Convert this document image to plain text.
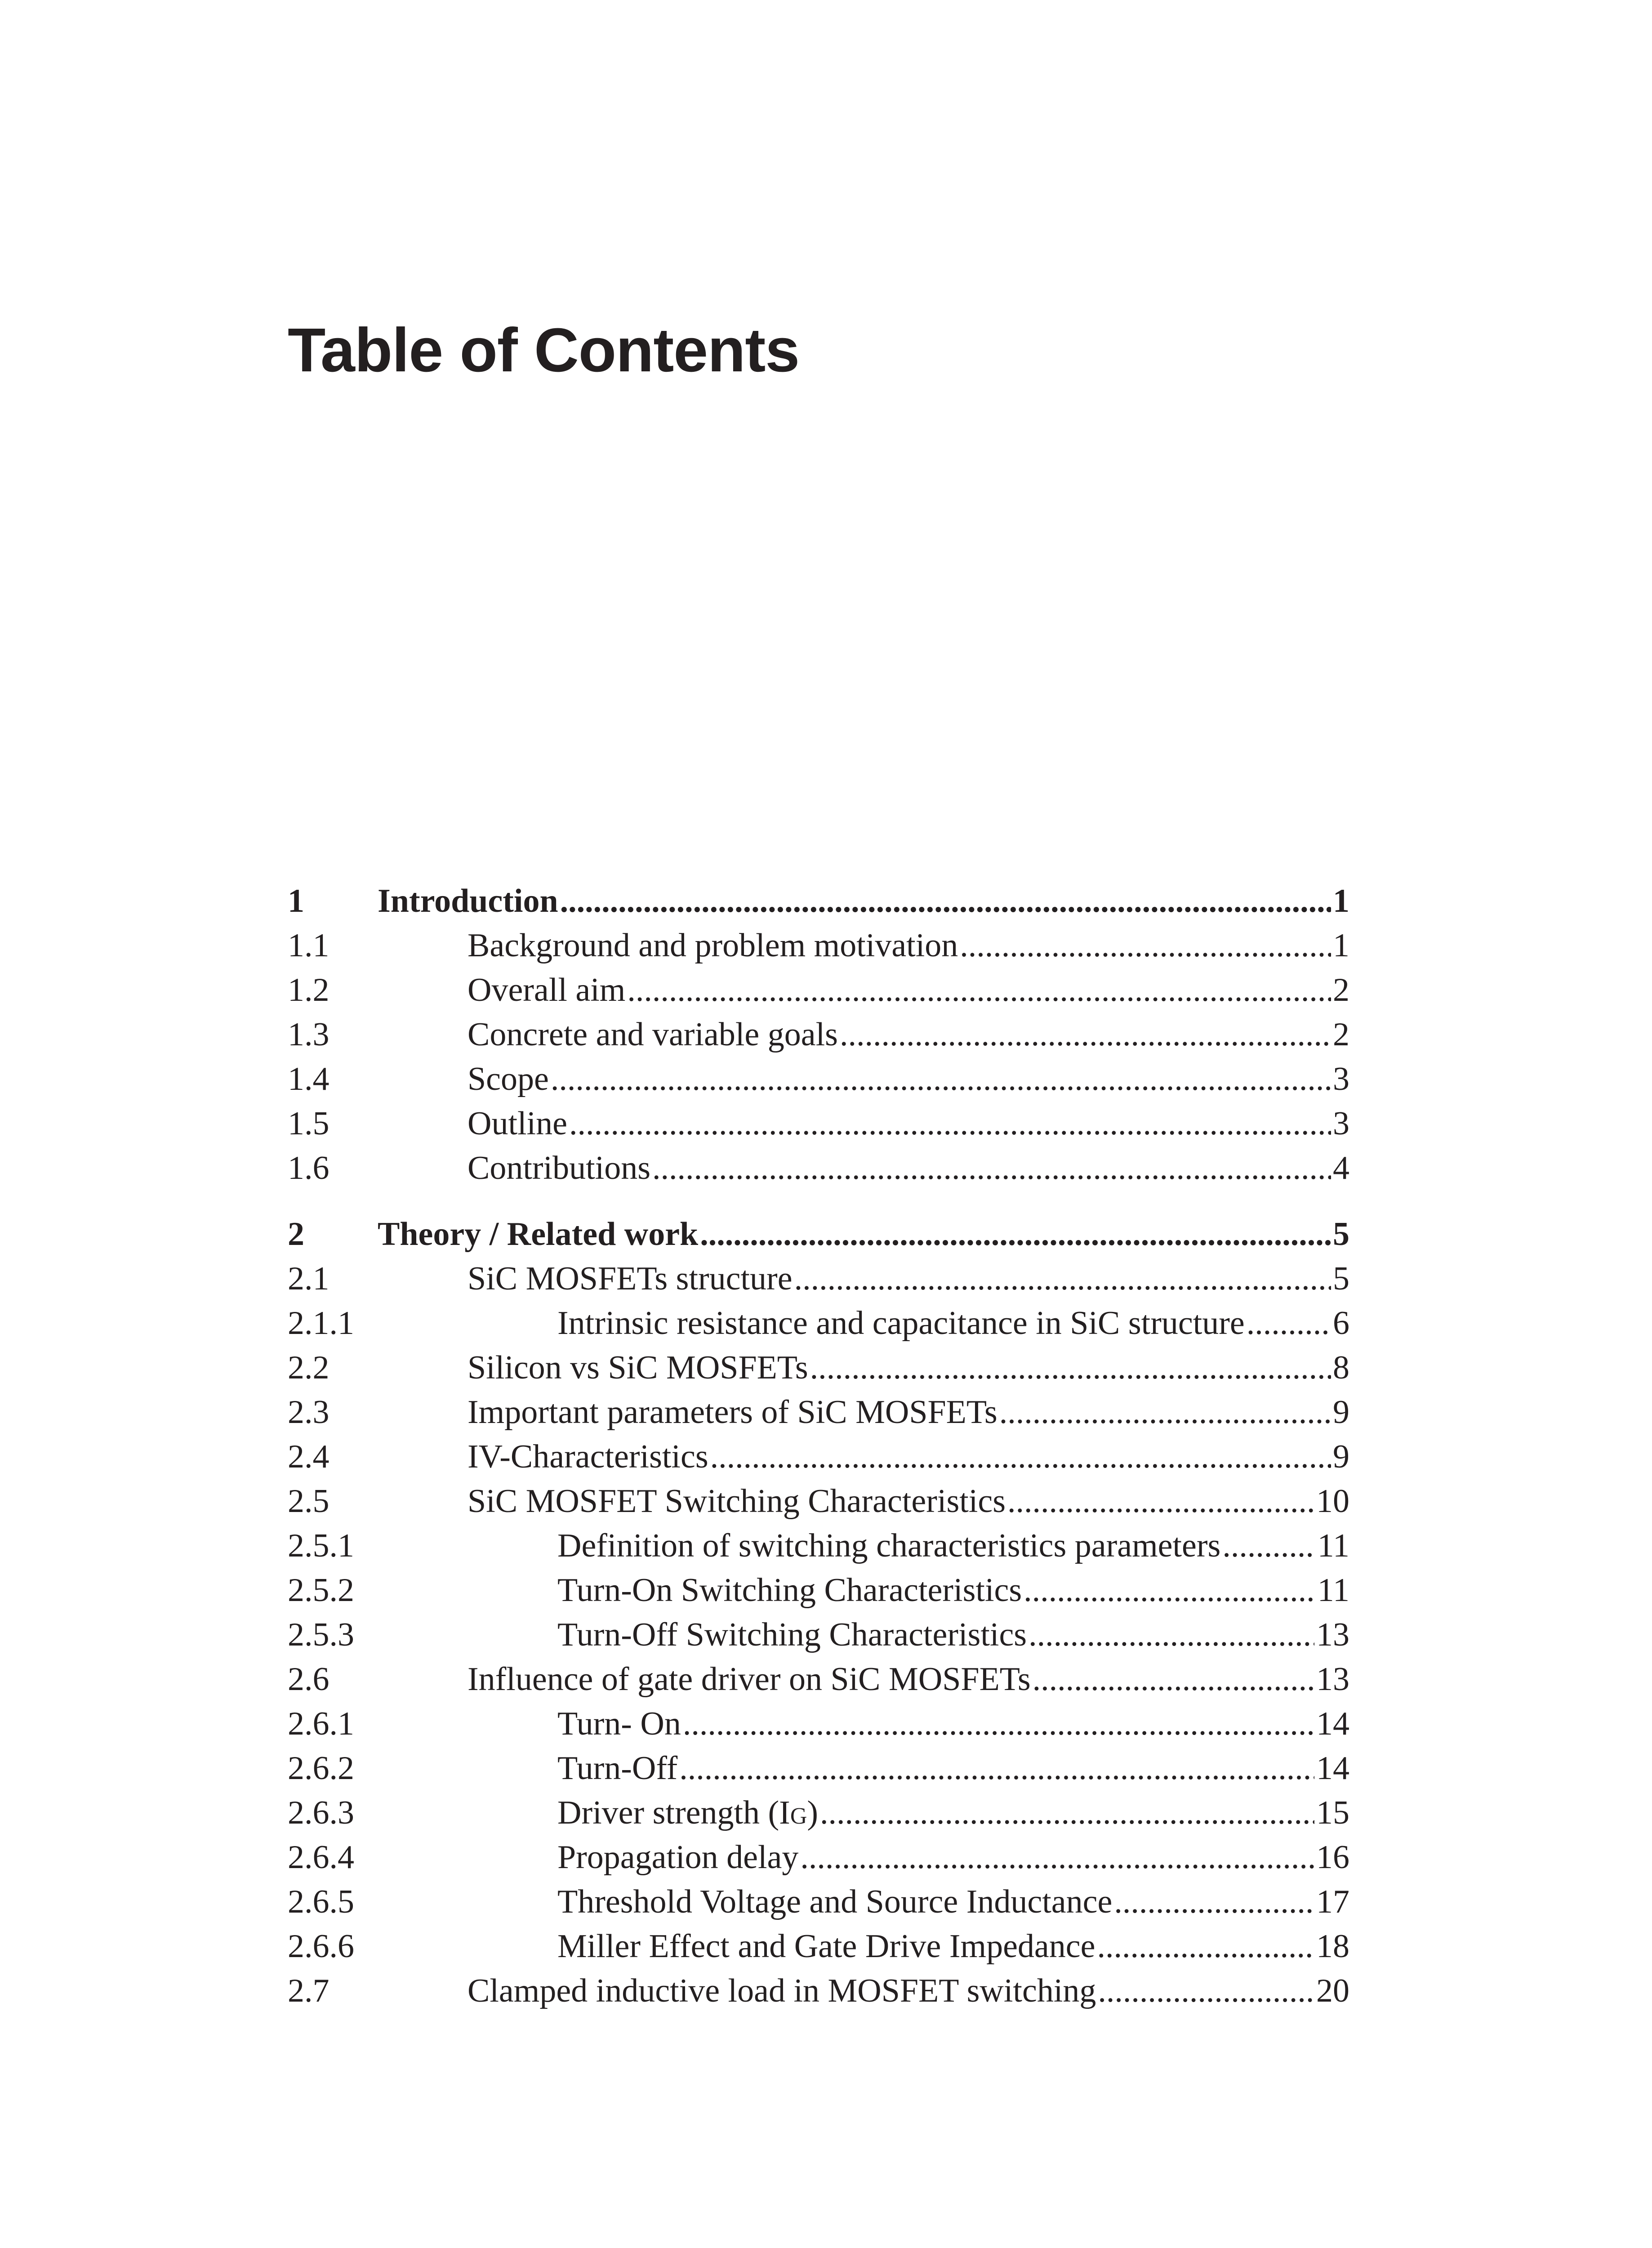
Table of Contents
1 Introduction .....	1
1.1	Background and problem motivation .....	1
1.2	Overall aim .....	2
1.3	Concrete and variable goals .....	2
1.4	Scope .....	3
1.5	Outline .....	3
1.6	Contributions .....	4
2 Theory / Related work .....	5
2.1	SiC MOSFETs structure .....	5
2.1.1	Intrinsic resistance and capacitance in SiC structure .....	6
2.2	Silicon vs SiC MOSFETs .....	8
2.3	Important parameters of SiC MOSFETs .....	9
2.4	IV-Characteristics .....	9
2.5	SiC MOSFET Switching Characteristics .....	10
2.5.1	Definition of switching characteristics parameters .....	11
2.5.2	Turn-On Switching Characteristics .....	11
2.5.3	Turn-Off Switching Characteristics .....	13
2.6	Influence of gate driver on SiC MOSFETs .....	13
2.6.1	Turn- On .....	14
2.6.2	Turn-Off .....	14
2.6.3	Driver strength (IG) .....	15
2.6.4	Propagation delay .....	16
2.6.5	Threshold Voltage and Source Inductance .....	17
2.6.6	Miller Effect and Gate Drive Impedance .....	18
2.7	Clamped inductive load in MOSFET switching .....	20
